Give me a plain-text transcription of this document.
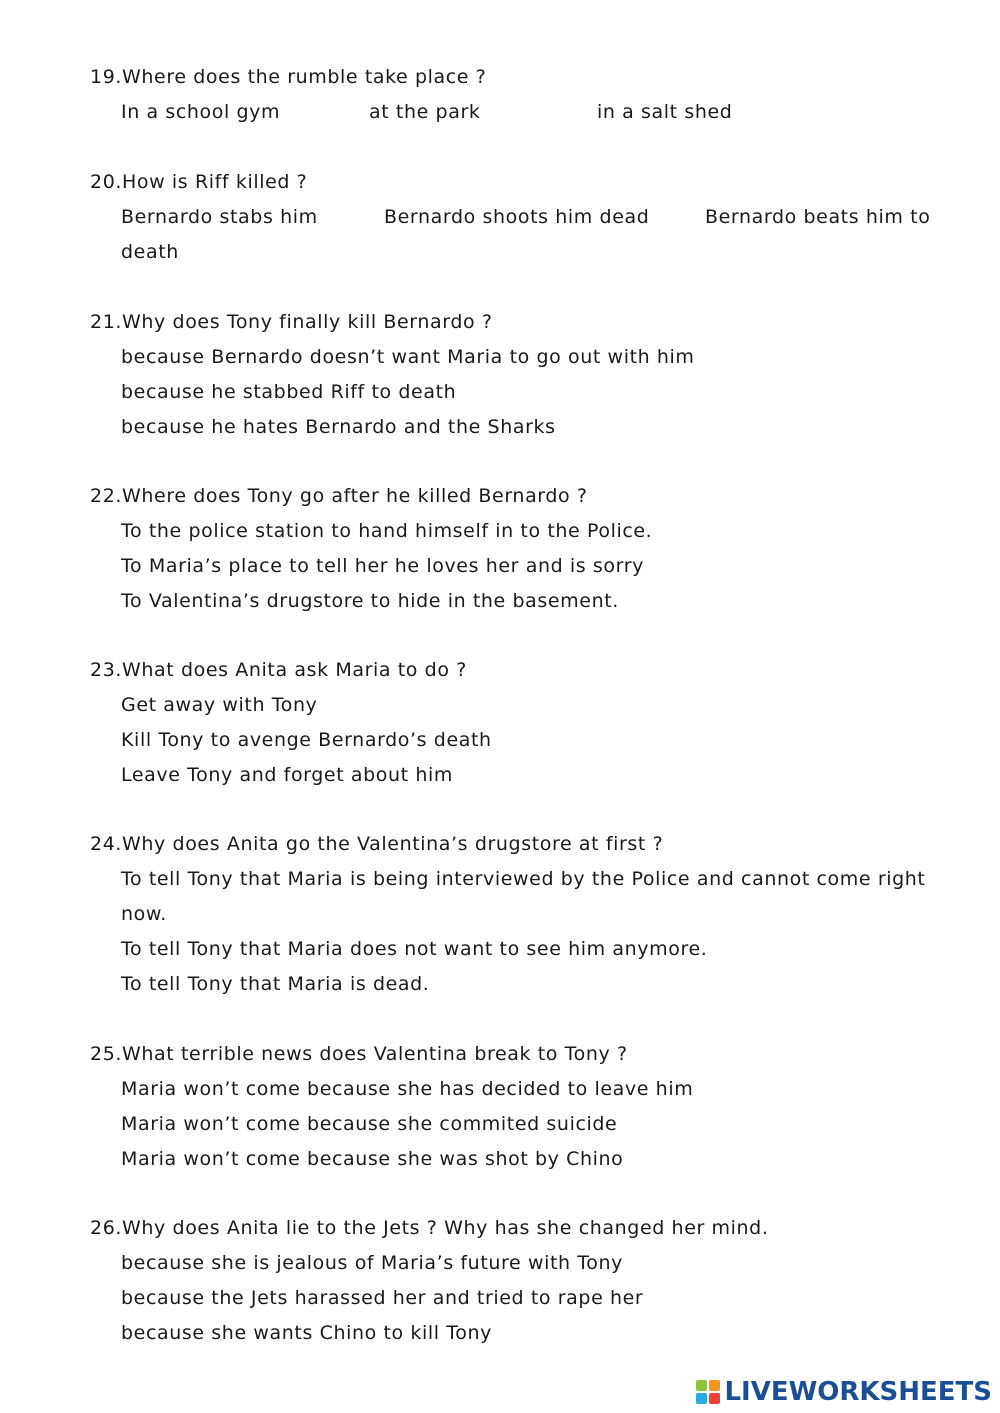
19.Where does the rumble take place ?
In a school gym	at the park	in a salt shed
20.How is Riff killed ?
Bernardo stabs him	Bernardo shoots him dead	Bernardo beats him to
death
21.Why does Tony finally kill Bernardo ?
because Bernardo doesn’t want Maria to go out with him
because he stabbed Riff to death
because he hates Bernardo and the Sharks
22.Where does Tony go after he killed Bernardo ?
To the police station to hand himself in to the Police.
To Maria’s place to tell her he loves her and is sorry
To Valentina’s drugstore to hide in the basement.
23.What does Anita ask Maria to do ?
Get away with Tony
Kill Tony to avenge Bernardo’s death
Leave Tony and forget about him
24.Why does Anita go the Valentina’s drugstore at first ?
To tell Tony that Maria is being interviewed by the Police and cannot come right
now.
To tell Tony that Maria does not want to see him anymore.
To tell Tony that Maria is dead.
25.What terrible news does Valentina break to Tony ?
Maria won’t come because she has decided to leave him
Maria won’t come because she commited suicide
Maria won’t come because she was shot by Chino
26.Why does Anita lie to the Jets ? Why has she changed her mind.
because she is jealous of Maria’s future with Tony
because the Jets harassed her and tried to rape her
because she wants Chino to kill Tony
LIVEWORKSHEETS
